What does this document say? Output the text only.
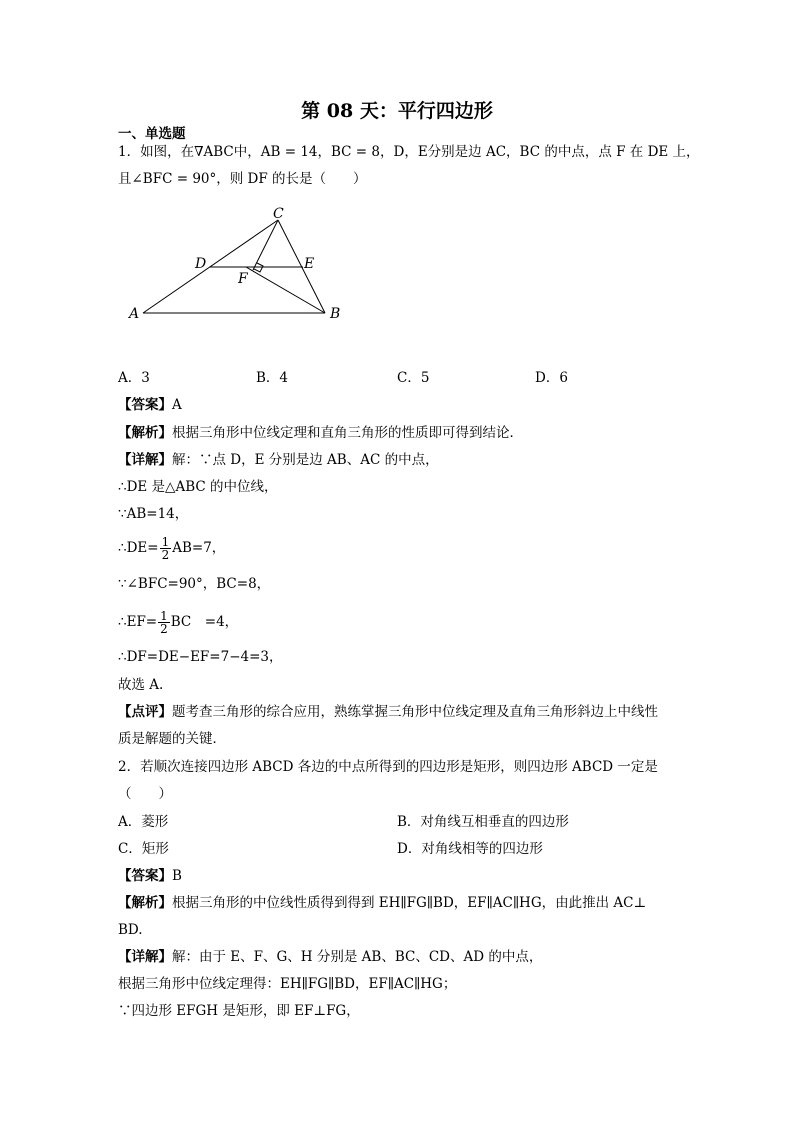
第 08 天：平行四边形
一、单选题
1．如图，在∇ABC中，AB = 14，BC = 8，D，E分别是边 AC，BC 的中点，点 F 在 DE 上，
且∠BFC = 90°，则 DF 的长是（　　）
C
D	E
F
A	B
A．3	B．4	C．5	D．6
【答案】A
【解析】根据三角形中位线定理和直角三角形的性质即可得到结论．
【详解】解：∵点 D，E 分别是边 AB、AC 的中点，
∴DE 是△ABC 的中位线，
∵AB=14，
∴DE= $\frac{1}{2} AB=7$，
∵∠BFC=90°，BC=8，
∴EF= $\frac{1}{2}$ BC　=4，
∴DF=DE−EF=7−4=3，
故选 A.
【点评】题考查三角形的综合应用，熟练掌握三角形中位线定理及直角三角形斜边上中线性
质是解题的关键．
2．若顺次连接四边形 ABCD 各边的中点所得到的四边形是矩形，则四边形 ABCD 一定是
（　　）
A．菱形	B．对角线互相垂直的四边形
C．矩形	D．对角线相等的四边形
【答案】B
【解析】根据三角形的中位线性质得到得到 EH∥FG∥BD，EF∥AC∥HG，由此推出 AC⊥
BD.
【详解】解：由于 E、F、G、H 分别是 AB、BC、CD、AD 的中点，
根据三角形中位线定理得：EH∥FG∥BD，EF∥AC∥HG；
∵四边形 EFGH 是矩形，即 EF⊥FG，
